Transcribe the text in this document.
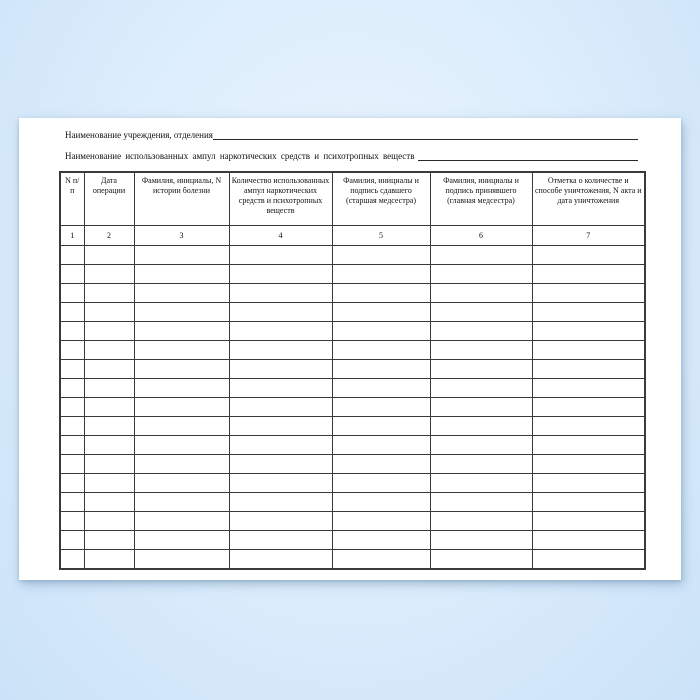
Наименование учреждения, отделения
Наименование использованных ампул наркотических средств и психотропных веществ
N п/п	Дата операции	Фамилия, инициалы, N истории болезни	Количество использованных ампул наркотических средств и психотропных веществ	Фамилия, инициалы и подпись сдавшего (старшая медсестра)	Фамилия, инициалы и подпись принявшего (главная медсестра)	Отметка о количестве и способе уничтожения, N акта и дата уничтожения
1	2	3	4	5	6	7
